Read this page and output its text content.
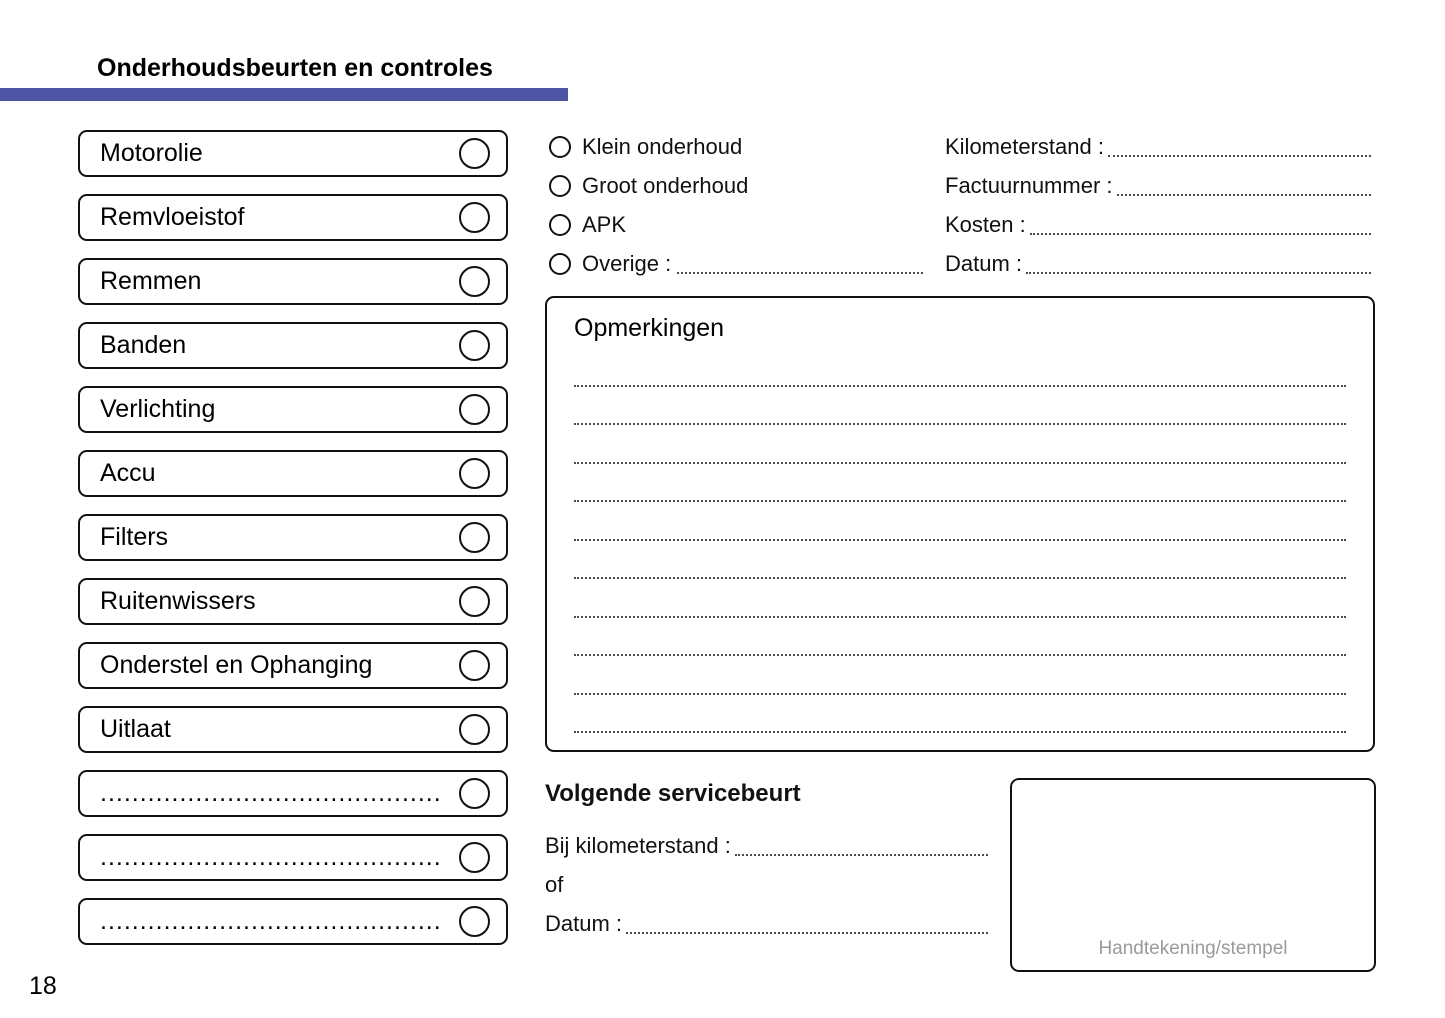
Onderhoudsbeurten en controles
Motorolie
Remvloeistof
Remmen
Banden
Verlichting
Accu
Filters
Ruitenwissers
Onderstel en Ophanging
Uitlaat
...........................................
...........................................
...........................................
Klein onderhoud
Groot onderhoud
APK
Overige :
Kilometerstand :
Factuurnummer :
Kosten :
Datum :
Opmerkingen
Volgende servicebeurt
Bij kilometerstand :
of
Datum :
Handtekening/stempel
18
